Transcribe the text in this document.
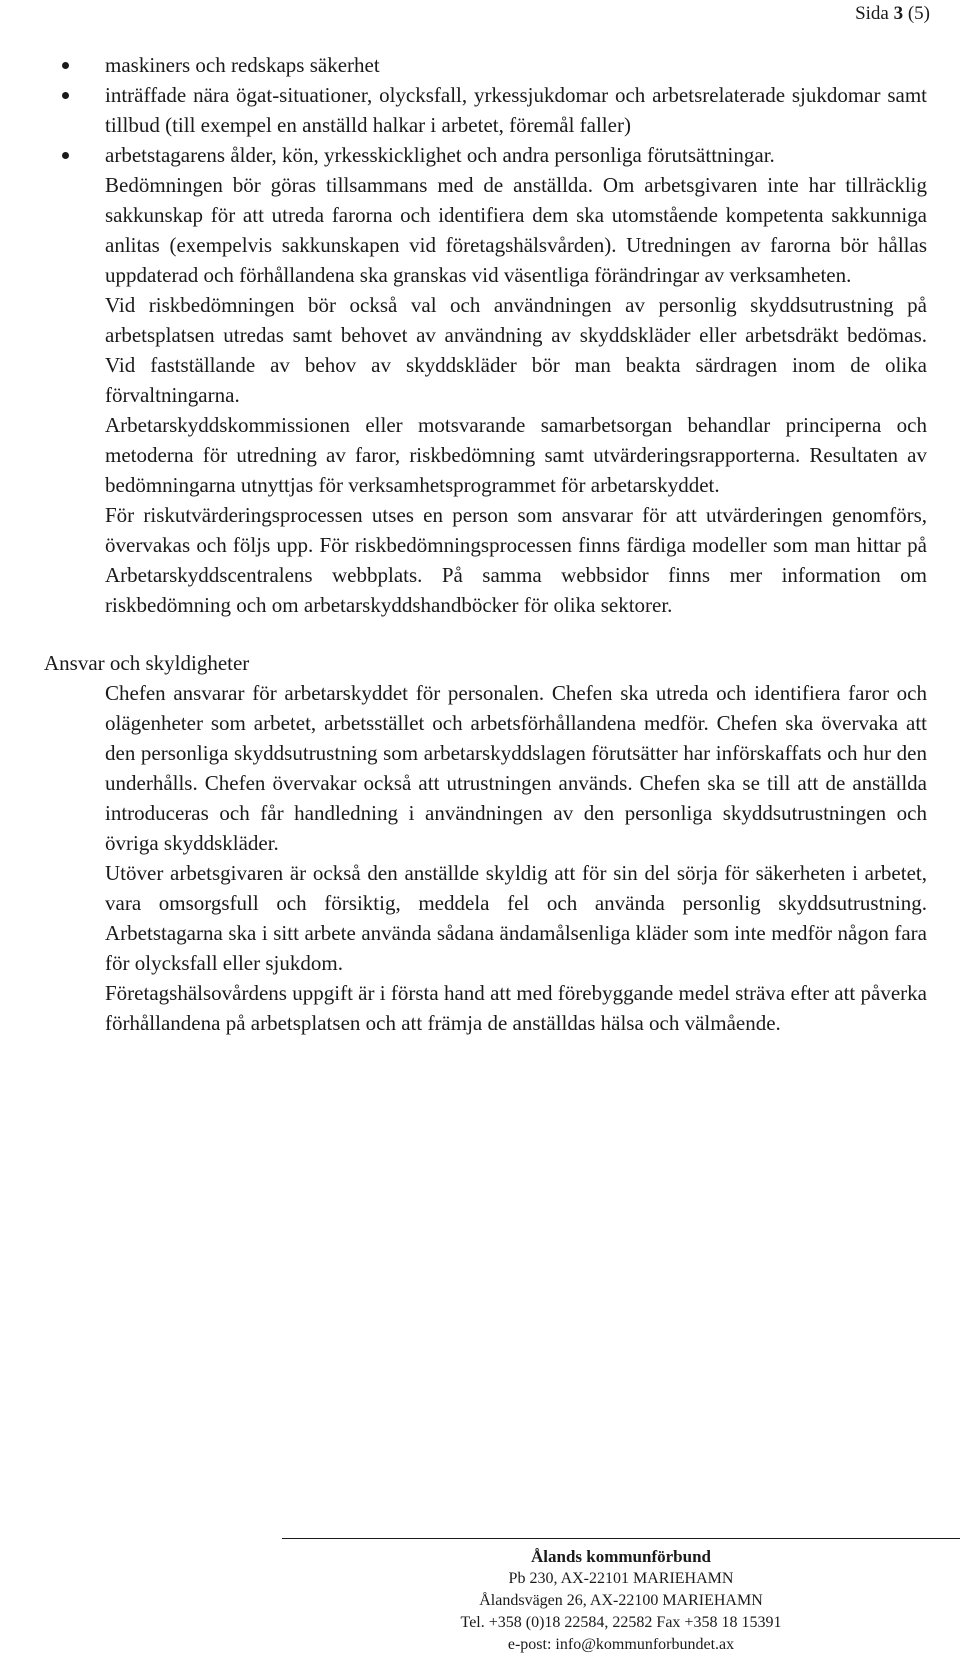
Sida 3 (5)
maskiners och redskaps säkerhet
inträffade nära ögat-situationer, olycksfall, yrkessjukdomar och arbetsrelaterade sjukdomar samt tillbud (till exempel en anställd halkar i arbetet, föremål faller)
arbetstagarens ålder, kön, yrkesskicklighet och andra personliga förutsättningar.

Bedömningen bör göras tillsammans med de anställda. Om arbetsgivaren inte har tillräcklig sakkunskap för att utreda farorna och identifiera dem ska utomstående kompetenta sakkunniga anlitas (exempelvis sakkunskapen vid företagshälsvården). Utredningen av farorna bör hållas uppdaterad och förhållandena ska granskas vid väsentliga förändringar av verksamheten.

Vid riskbedömningen bör också val och användningen av personlig skyddsutrustning på arbetsplatsen utredas samt behovet av användning av skyddskläder eller arbetsdräkt bedömas. Vid fastställande av behov av skyddskläder bör man beakta särdragen inom de olika förvaltningarna.

Arbetarskyddskommissionen eller motsvarande samarbetsorgan behandlar principerna och metoderna för utredning av faror, riskbedömning samt utvärderingsrapporterna. Resultaten av bedömningarna utnyttjas för verksamhetsprogrammet för arbetarskyddet.

För riskutvärderingsprocessen utses en person som ansvarar för att utvärderingen genomförs, övervakas och följs upp. För riskbedömningsprocessen finns färdiga modeller som man hittar på Arbetarskyddscentralens webbplats. På samma webbsidor finns mer information om riskbedömning och om arbetarskyddshandböcker för olika sektorer.

Ansvar och skyldigheter

Chefen ansvarar för arbetarskyddet för personalen. Chefen ska utreda och identifiera faror och olägenheter som arbetet, arbetsstället och arbetsförhållandena medför. Chefen ska övervaka att den personliga skyddsutrustning som arbetarskyddslagen förutsätter har införskaffats och hur den underhålls. Chefen övervakar också att utrustningen används. Chefen ska se till att de anställda introduceras och får handledning i användningen av den personliga skyddsutrustningen och övriga skyddskläder.

Utöver arbetsgivaren är också den anställde skyldig att för sin del sörja för säkerheten i arbetet, vara omsorgsfull och försiktig, meddela fel och använda personlig skyddsutrustning. Arbetstagarna ska i sitt arbete använda sådana ändamålsenliga kläder som inte medför någon fara för olycksfall eller sjukdom.

Företagshälsovårdens uppgift är i första hand att med förebyggande medel sträva efter att påverka förhållandena på arbetsplatsen och att främja de anställdas hälsa och välmående.

Ålands kommunförbund
Pb 230, AX-22101 MARIEHAMN
Ålandsvägen 26, AX-22100 MARIEHAMN
Tel. +358 (0)18 22584, 22582 Fax +358 18 15391
e-post: info@kommunforbundet.ax
